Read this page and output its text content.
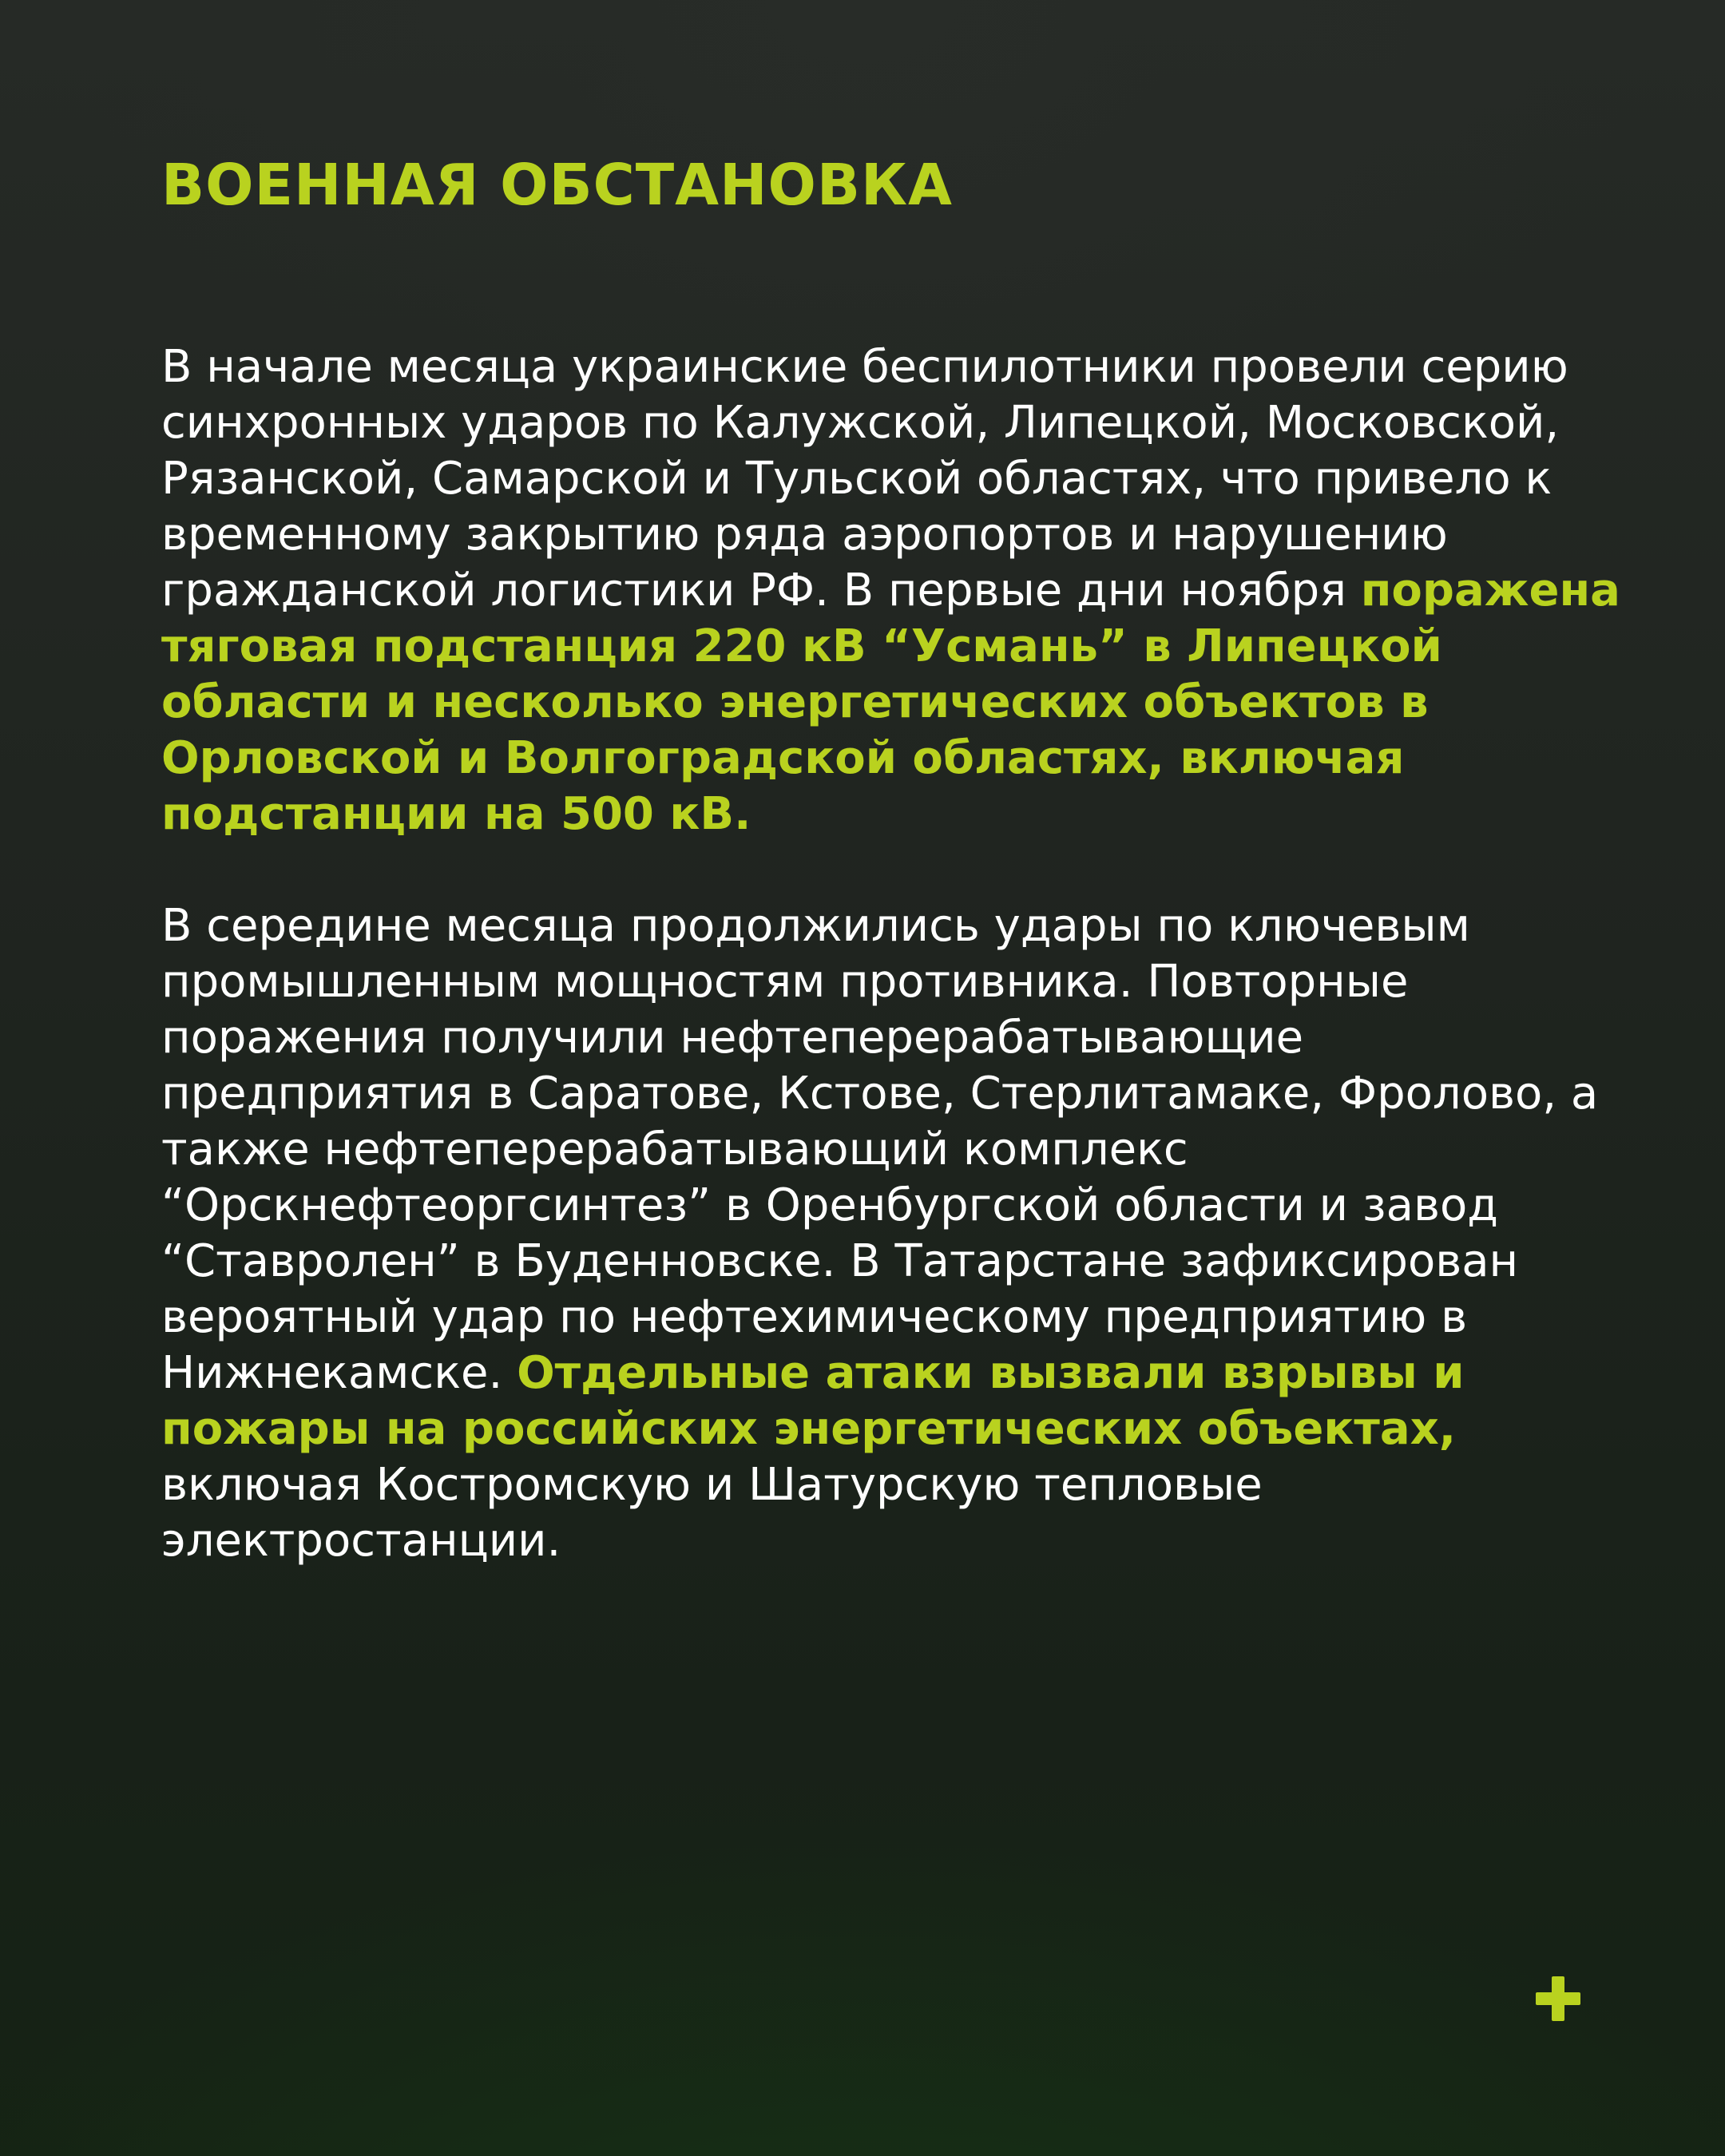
ВОЕННАЯ ОБСТАНОВКА

В начале месяца украинские беспилотники провели серию синхронных ударов по Калужской, Липецкой, Московской, Рязанской, Самарской и Тульской областях, что привело к временному закрытию ряда аэропортов и нарушению гражданской логистики РФ. В первые дни ноября поражена тяговая подстанция 220 кВ “Усмань” в Липецкой области и несколько энергетических объектов в Орловской и Волгоградской областях, включая подстанции на 500 кВ.

В середине месяца продолжились удары по ключевым промышленным мощностям противника. Повторные поражения получили нефтеперерабатывающие предприятия в Саратове, Кстове, Стерлитамаке, Фролово, а также нефтеперерабатывающий комплекс “Орскнефтеоргсинтез” в Оренбургской области и завод “Ставролен” в Буденновске. В Татарстане зафиксирован вероятный удар по нефтехимическому предприятию в Нижнекамске. Отдельные атаки вызвали взрывы и пожары на российских энергетических объектах, включая Костромскую и Шатурскую тепловые электростанции.
